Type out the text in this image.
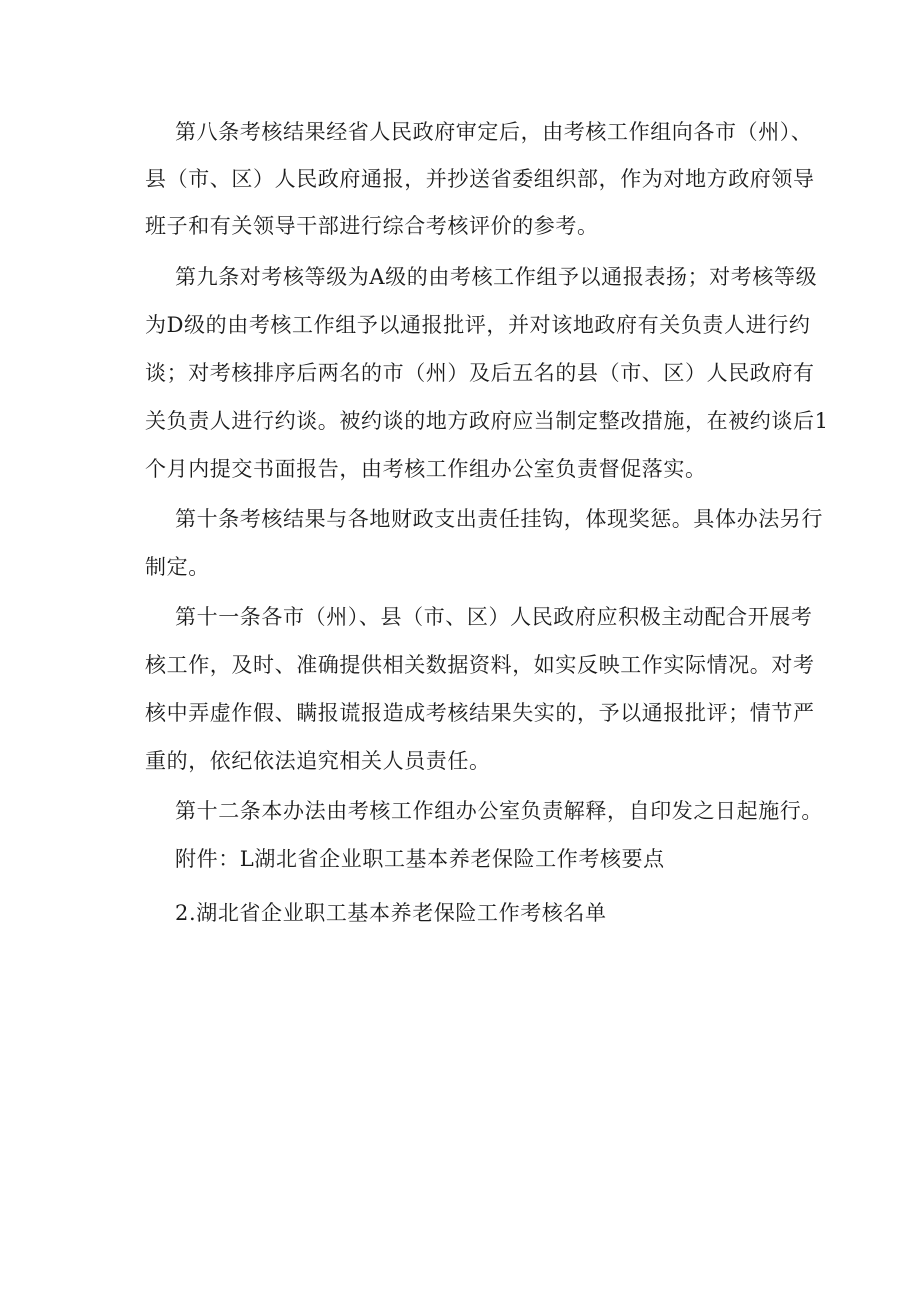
第八条考核结果经省人民政府审定后，由考核工作组向各市（州）、
县（市、区）人民政府通报，并抄送省委组织部，作为对地方政府领导
班子和有关领导干部进行综合考核评价的参考。
第九条对考核等级为A级的由考核工作组予以通报表扬；对考核等级
为D级的由考核工作组予以通报批评，并对该地政府有关负责人进行约
谈；对考核排序后两名的市（州）及后五名的县（市、区）人民政府有
关负责人进行约谈。被约谈的地方政府应当制定整改措施，在被约谈后1
个月内提交书面报告，由考核工作组办公室负责督促落实。
第十条考核结果与各地财政支出责任挂钩，体现奖惩。具体办法另行
制定。
第十一条各市（州）、县（市、区）人民政府应积极主动配合开展考
核工作，及时、准确提供相关数据资料，如实反映工作实际情况。对考
核中弄虚作假、瞒报谎报造成考核结果失实的，予以通报批评；情节严
重的，依纪依法追究相关人员责任。
第十二条本办法由考核工作组办公室负责解释，自印发之日起施行。
附件：L湖北省企业职工基本养老保险工作考核要点
2.湖北省企业职工基本养老保险工作考核名单
